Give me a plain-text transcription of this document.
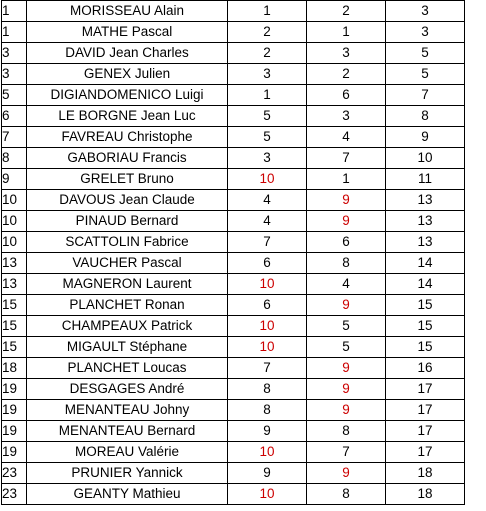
1	MORISSEAU Alain	1	2	3
1	MATHE Pascal	2	1	3
3	DAVID Jean Charles	2	3	5
3	GENEX Julien	3	2	5
5	DIGIANDOMENICO Luigi	1	6	7
6	LE BORGNE Jean Luc	5	3	8
7	FAVREAU Christophe	5	4	9
8	GABORIAU Francis	3	7	10
9	GRELET Bruno	10	1	11
10	DAVOUS Jean Claude	4	9	13
10	PINAUD Bernard	4	9	13
10	SCATTOLIN Fabrice	7	6	13
13	VAUCHER Pascal	6	8	14
13	MAGNERON Laurent	10	4	14
15	PLANCHET Ronan	6	9	15
15	CHAMPEAUX Patrick	10	5	15
15	MIGAULT Stéphane	10	5	15
18	PLANCHET Loucas	7	9	16
19	DESGAGES André	8	9	17
19	MENANTEAU Johny	8	9	17
19	MENANTEAU Bernard	9	8	17
19	MOREAU Valérie	10	7	17
23	PRUNIER Yannick	9	9	18
23	GEANTY Mathieu	10	8	18
